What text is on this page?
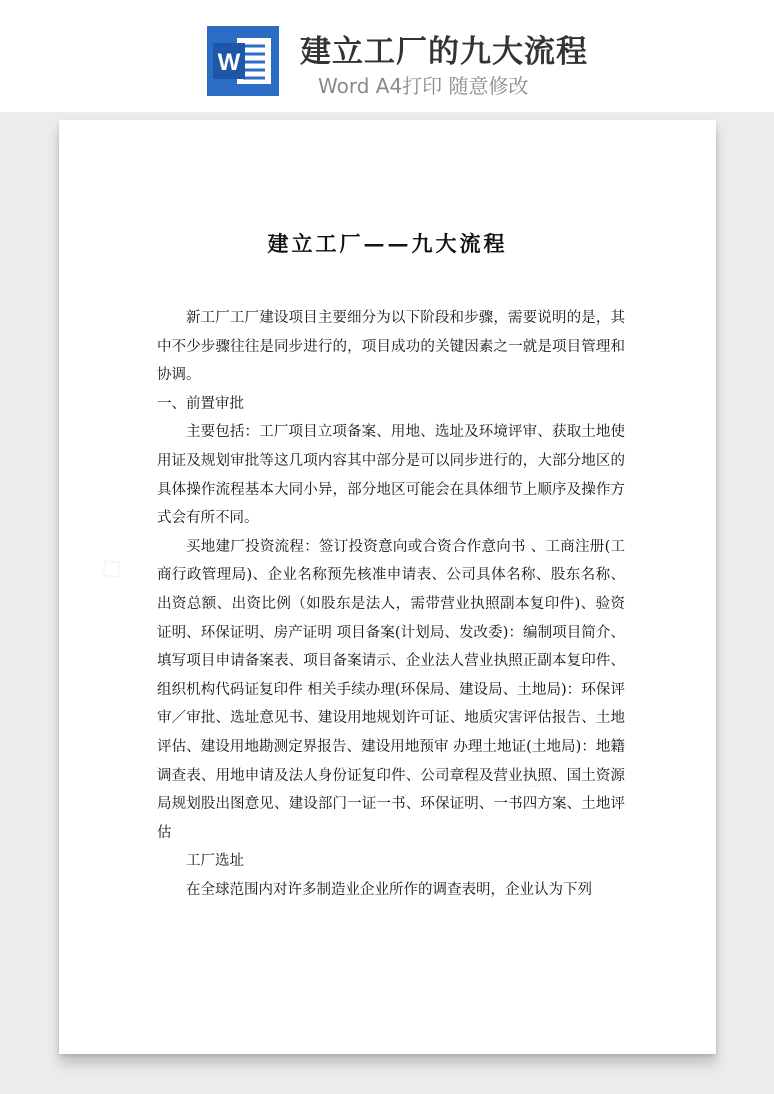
W 建立工厂的九大流程
Word A4打印 随意修改
建立工厂——九大流程

新工厂工厂建设项目主要细分为以下阶段和步骤，需要说明的是，其中不少步骤往往是同步进行的，项目成功的关键因素之一就是项目管理和协调。

一、前置审批

主要包括：工厂项目立项备案、用地、选址及环境评审、获取土地使用证及规划审批等这几项内容其中部分是可以同步进行的，大部分地区的具体操作流程基本大同小异，部分地区可能会在具体细节上顺序及操作方式会有所不同。

买地建厂投资流程：签订投资意向或合资合作意向书 、工商注册(工商行政管理局)、企业名称预先核准申请表、公司具体名称、股东名称、出资总额、出资比例（如股东是法人，需带营业执照副本复印件)、验资证明、环保证明、房产证明 项目备案(计划局、发改委)：编制项目简介、填写项目申请备案表、项目备案请示、企业法人营业执照正副本复印件、组织机构代码证复印件 相关手续办理(环保局、建设局、土地局)：环保评审／审批、选址意见书、建设用地规划许可证、地质灾害评估报告、土地评估、建设用地勘测定界报告、建设用地预审 办理土地证(土地局)：地籍调查表、用地申请及法人身份证复印件、公司章程及营业执照、国土资源局规划股出图意见、建设部门一证一书、环保证明、一书四方案、土地评估

工厂选址

在全球范围内对许多制造业企业所作的调查表明，企业认为下列
